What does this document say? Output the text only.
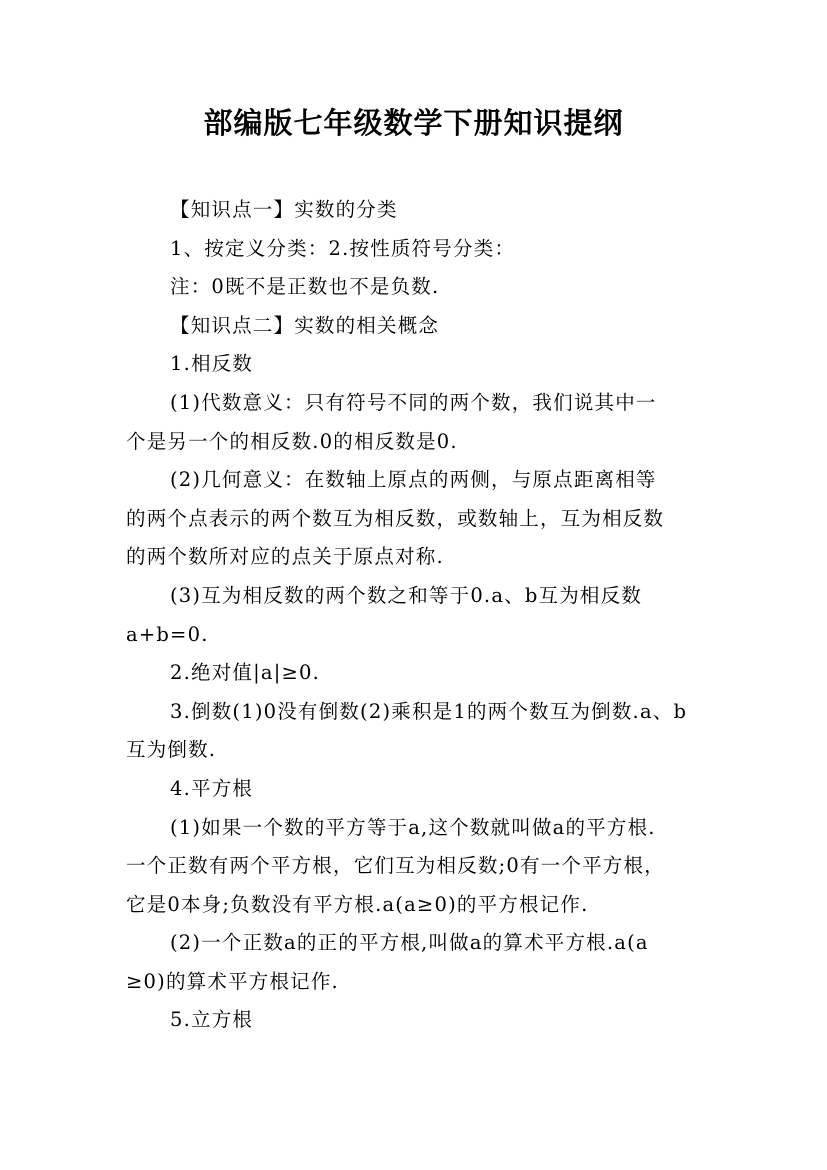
部编版七年级数学下册知识提纲
【知识点一】实数的分类
1、按定义分类：2.按性质符号分类：
注：0既不是正数也不是负数.
【知识点二】实数的相关概念
1.相反数
(1)代数意义：只有符号不同的两个数，我们说其中一
个是另一个的相反数.0的相反数是0.
(2)几何意义：在数轴上原点的两侧，与原点距离相等
的两个点表示的两个数互为相反数，或数轴上，互为相反数
的两个数所对应的点关于原点对称.
(3)互为相反数的两个数之和等于0.a、b互为相反数
a+b=0.
2.绝对值|a|≥0.
3.倒数(1)0没有倒数(2)乘积是1的两个数互为倒数.a、b
互为倒数.
4.平方根
(1)如果一个数的平方等于a,这个数就叫做a的平方根.
一个正数有两个平方根，它们互为相反数;0有一个平方根，
它是0本身;负数没有平方根.a(a≥0)的平方根记作.
(2)一个正数a的正的平方根,叫做a的算术平方根.a(a
≥0)的算术平方根记作.
5.立方根
